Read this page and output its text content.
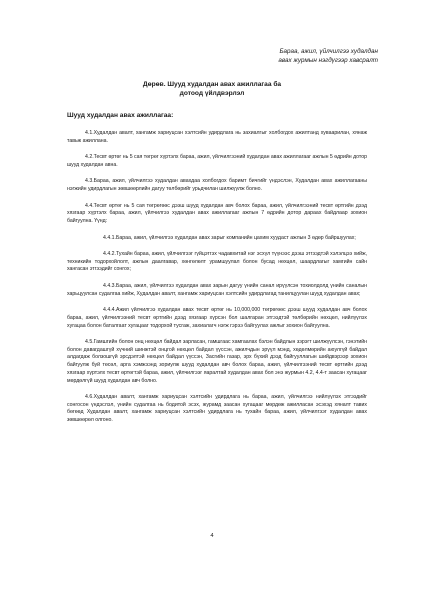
Бараа, ажил, үйлчилгээ худалдан
авах журмын нэгдүгээр хавсралт
Дөрөв. Шууд худалдан авах ажиллагаа ба
дотоод үйлдвэрлэл
Шууд худалдан авах ажиллагаа:

4.1.Худалдан авалт, хангамж хариуцсан хэлтсийн удирдлага нь захиалгыг холбогдох ажилтанд хуваарилан, хянаж тавьж ажиллана.

4.2.Тесвт өртөг нь 5 сая төгрөг хүртэлх бараа, ажил, үйлчилгээний худалдан авах ажиллагааг ажлын 5 өдрийн дотор шууд худалдан авна.

4.3.Бараа, ажил, үйлчилгээ худалдан авахдаа холбогдох баримт бичгийг үндэслэн, Худалдан авах ажиллагааны нэгжийн удирдлагын зөвшөөрлийн дагуу төлбөрийг урьдчилан шилжүүлж болно.

4.4.Тесвт өртөг нь 5 сая төгрөгөөс дээш шууд худалдан авч болох бараа, ажил, үйлчилгээний тесвт өртгийн дээд хязгаар хүртэлх бараа, ажил, үйлчилгээ худалдан авах ажиллагааг ажлын 7 өдрийн дотор дараах байдлаар зохион байгуулна. Үүнд:

4.4.1.Бараа, ажил, үйлчилгээ худалдан авах зарыг компанийн цахим хуудаст ажлын 3 өдөр байршуулах;

4.4.2.Тухайн бараа, ажил, үйлчилгээг гүйцэтгэх чадавхитай нэг эсхүл түүнээс дээш этгээдтэй хэлэлцээ хийж, техникийн тодорхойлолт, ажлын даалгавар, хөнгөлөлт урамшуулал болон бусад нөхцөл, шаардлагыг хамгийн сайн хангасан этгээдийг сонгох;

4.4.3.Бараа, ажил, үйлчилгээ худалдан авах зарын дагуу үнийн санал ирүүлсэн тохиолдолд үнийн саналын харьцуулсан судалгаа хийж, Худалдан авалт, хангамж хариуцсан хэлтсийн удирдлагад танилцуулан шууд худалдан авах;

4.4.4.Ажил үйлчилгээ худалдан авах тесвт өртөг нь 10,000,000 төгрөгөөс дээш шууд худалдан авч болох бараа, ажил, үйлчилгээний тесвт өртгийн дээд хязгаар хүрсэн бол шалгаран этгээдтэй төлбөрийн нөхцөл, нийлүүлэх хугацаа болон баталгаат хугацааг тодорхой тусгаж, захиалагч нэгж гэрээ байгуулах ажлыг зохион байгуулна.

4.5.Гамшгийн болон онц нөхцөл байдал зарласан, гамшгаас хамгаалах бэлэн байдлын зэрэгт шилжүүлсэн, гэнэтийн болон давагдашгүй хүчний шинжтэй онцгой нөхцөл байдал үүссэн, ажилчдын эрүүл мэнд, хөдөлмөрийн аюулгүй байдал алдагдаж болзошгүй эрсдэлтэй нөхцөл байдал үүссэн, Засгийн газар, эрх бүхий дээд байгууллагын шийдвэрээр зохион байгуулж буй төсөл, арга хэмжээнд зориулж шууд худалдан авч болох бараа, ажил, үйлчилгээний тесвт өртгийн дээд хязгаар хүртэлх тесвт өртөгтэй бараа, ажил, үйлчилгээг яаралтай худалдан авах бол энэ журмын 4.2, 4.4-т заасан хугацааг мөрдөлгүй шууд худалдан авч болно.

4.6.Худалдан авалт, хангамж хариуцсан хэлтсийн удирдлага нь бараа, ажил, үйлчилгээ нийлүүлэх этгээдийг сонгосон үндэслэл, үнийн судалгаа нь бодитой эсэх, журамд заасан хугацааг мөрдөж ажилласан эсэхэд хяналт тавих бөгөөд Худалдан авалт, хангамж хариуцсан хэлтсийн удирдлага нь тухайн бараа, ажил, үйлчилгээг худалдан авах зөвшөөрөл олгоно.

4
